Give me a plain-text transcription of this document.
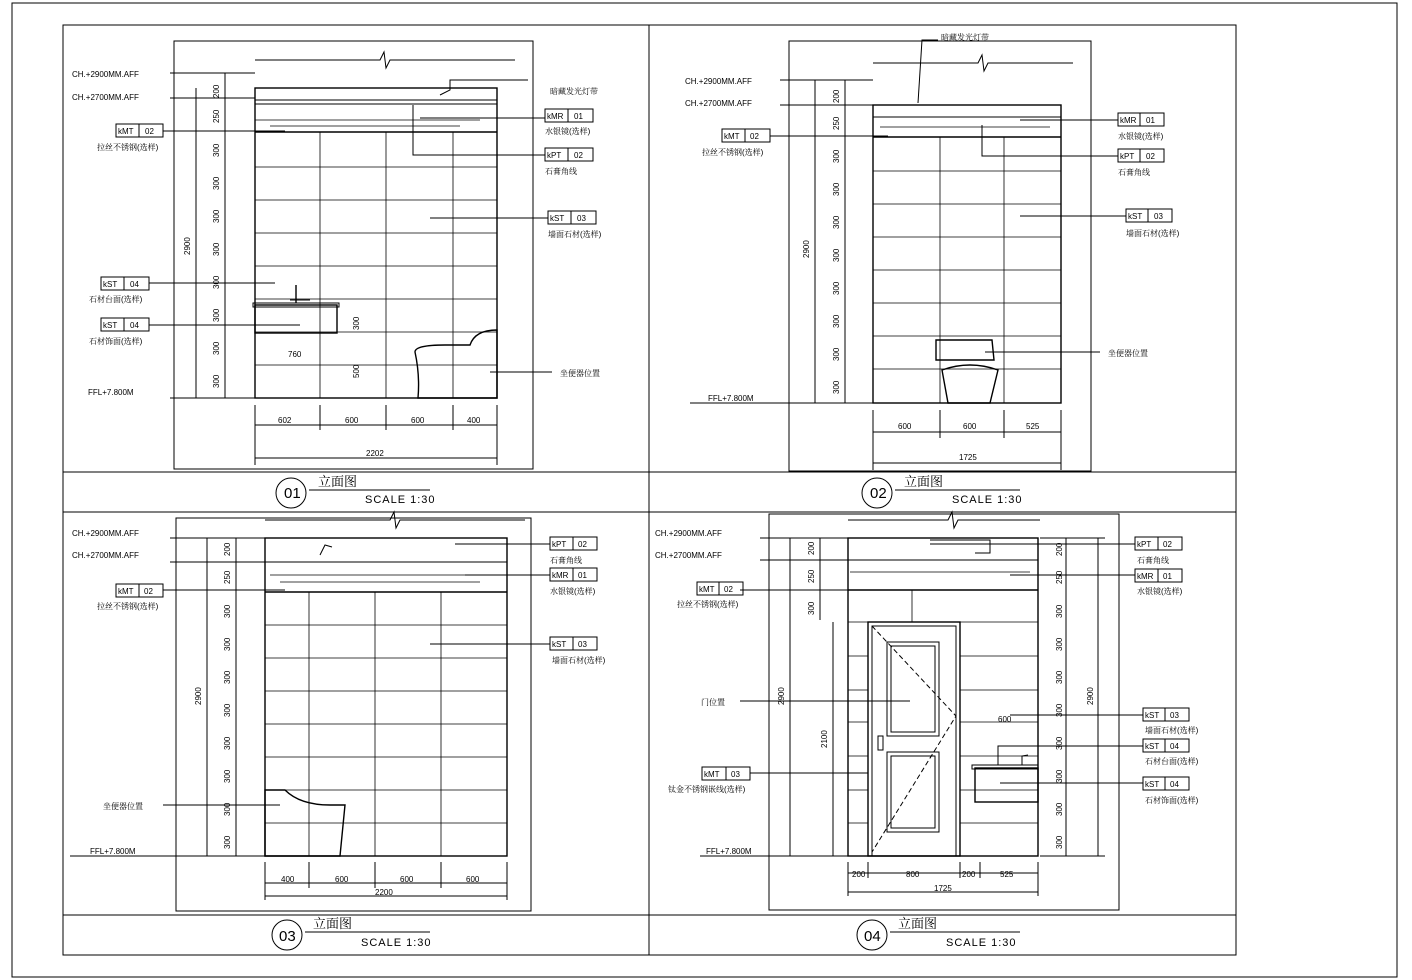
CH.+2900MM.AFF
CH.+2700MM.AFF
FFL+7.800M
暗藏发光灯带
坐便器位置
kMR 01
水银镜(选样)
kPT 02
石膏角线
kST 03
墙面石材(选样)
kMT 02
拉丝不锈钢(选样)
kST 04
石材台面(选样)
kST 04
石材饰面(选样)
602	600	600	400
2202
760
2900
200
250
300
300
300
300
300
300
300
300
300
500
01
立面图
SCALE 1:30
CH.+2900MM.AFF
CH.+2700MM.AFF
FFL+7.800M
暗藏发光灯带
坐便器位置
kMR 01
水银镜(选样)
kPT 02
石膏角线
kST 03
墙面石材(选样)
kMT 02
拉丝不锈钢(选样)
600	600	525
1725
2900
200
250
300
300
300
300
300
300
300
300
02
立面图
SCALE 1:30
CH.+2900MM.AFF
CH.+2700MM.AFF
FFL+7.800M
坐便器位置
kPT 02
石膏角线
kMR 01
水银镜(选样)
kST 03
墙面石材(选样)
kMT 02
拉丝不锈钢(选样)
400	600	600	600
2200
2900
200
250
300
300
300
300
300
300
300
300
03
立面图
SCALE 1:30
CH.+2900MM.AFF
CH.+2700MM.AFF
FFL+7.800M
门位置
kPT 02
石膏角线
kMR 01
水银镜(选样)
kMT 02
拉丝不锈钢(选样)
kST 03
墙面石材(选样)
kST 04
石材台面(选样)
kST 04
石材饰面(选样)
kMT 03
钛金不锈钢嵌线(选样)
200	800	200	525
1725
600
2900	2900
2100
200
250
300
200
250
300
300
300
300
300
300
300
300
04
立面图
SCALE 1:30
